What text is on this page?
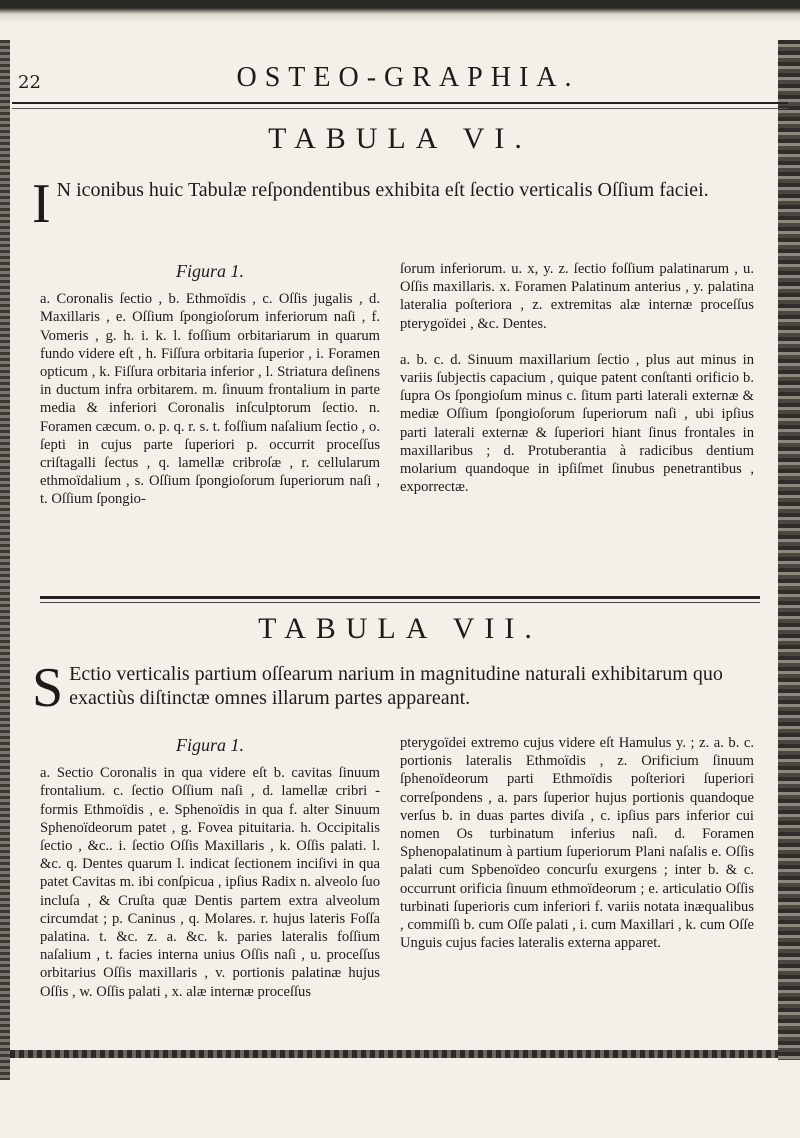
22	OSTEO-GRAPHIA.
TABULA VI.
I N iconibus huic Tabulæ reſpondentibus exhibita eſt ſectio verticalis Oſſium faciei.

Figura 1.

a. Coronalis ſectio , b. Ethmoïdis , c. Oſſis jugalis , d. Maxillaris , e. Oſſium ſpongioſorum inferiorum naſi , f. Vomeris , g. h. i. k. l. foſſium orbitariarum in quarum fundo videre eſt , h. Fiſſura orbitaria ſuperior , i. Foramen opticum , k. Fiſſura orbitaria inferior , l. Striatura deſinens in ductum infra orbitarem. m. ſinuum frontalium in parte media & inferiori Coronalis inſculptorum ſectio. n. Foramen cæcum. o. p. q. r. s. t. foſſium naſalium ſectio , o. ſepti in cujus parte ſuperiori p. occurrit proceſſus criſtagalli ſectus , q. lamellæ cribroſæ , r. cellularum ethmoïdalium , s. Oſſium ſpongioſorum ſuperiorum naſi , t. Oſſium ſpongio-

ſorum inferiorum. u. x, y. z. ſectio foſſium palatinarum , u. Oſſis maxillaris. x. Foramen Palatinum anterius , y. palatina lateralia poſteriora , z. extremitas alæ internæ proceſſus pterygoïdei , &c. Dentes.

a. b. c. d. Sinuum maxillarium ſectio , plus aut minus in variis ſubjectis capacium , quique patent conſtanti orificio b. ſupra Os ſpongioſum minus c. ſitum parti laterali externæ & mediæ Oſſium ſpongioſorum ſuperiorum naſi , ubi ipſius parti laterali externæ & ſuperiori hiant ſinus frontales in maxillaribus ; d. Protuberantia à radicibus dentium molarium quandoque in ipſiſmet ſinubus penetrantibus , exporrectæ.

TABULA VII.
S Ectio verticalis partium oſſearum narium in magnitudine naturali exhibitarum quo exactiùs diſtinctæ omnes illarum partes appareant.

Figura 1.

a. Sectio Coronalis in qua videre eſt b. cavitas ſinuum frontalium. c. ſectio Oſſium naſi , d. lamellæ cribri - formis Ethmoïdis , e. Sphenoïdis in qua f. alter Sinuum Sphenoïdeorum patet , g. Fovea pituitaria. h. Occipitalis ſectio , &c.. i. ſectio Oſſis Maxillaris , k. Oſſis palati. l. &c. q. Dentes quarum l. indicat ſectionem inciſivi in qua patet Cavitas m. ibi conſpicua , ipſius Radix n. alveolo ſuo incluſa , & Cruſta quæ Dentis partem extra alveolum circumdat ; p. Caninus , q. Molares. r. hujus lateris Foſſa palatina. t. &c. z. a. &c. k. paries lateralis foſſium naſalium , t. facies interna unius Oſſis naſi , u. proceſſus orbitarius Oſſis maxillaris , v. portionis palatinæ hujus Oſſis , w. Oſſis palati , x. alæ internæ proceſſus

pterygoïdei extremo cujus videre eſt Hamulus y. ; z. a. b. c. portionis lateralis Ethmoïdis , z. Orificium ſinuum ſphenoïdeorum parti Ethmoïdis poſteriori ſuperiori correſpondens , a. pars ſuperior hujus portionis quandoque verſus b. in duas partes diviſa , c. ipſius pars inferior cui nomen Os turbinatum inferius naſi. d. Foramen Sphenopalatinum à partium ſuperiorum Plani naſalis e. Oſſis palati cum Spbenoïdeo concurſu exurgens ; inter b. & c. occurrunt orificia ſinuum ethmoïdeorum ; e. articulatio Oſſis turbinati ſuperioris cum inferiori f. variis notata inæqualibus , commiſſi b. cum Oſſe palati , i. cum Maxillari , k. cum Oſſe Unguis cujus facies lateralis externa apparet.
